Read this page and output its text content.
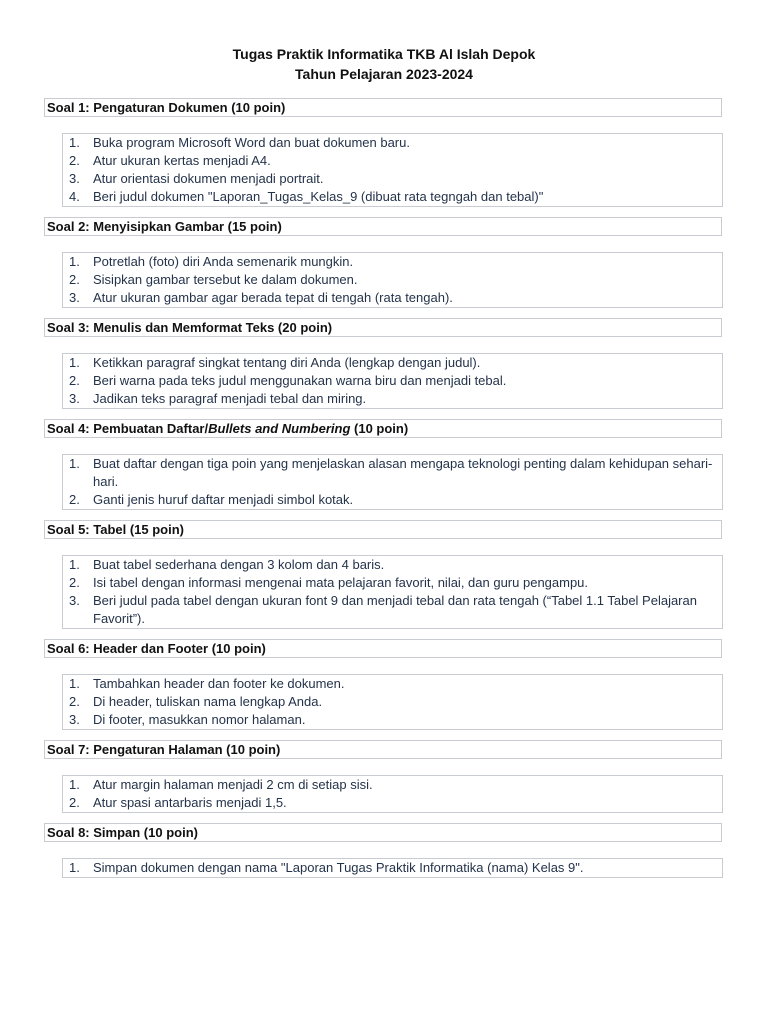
Tugas Praktik Informatika TKB Al Islah Depok
Tahun Pelajaran 2023-2024
Soal 1: Pengaturan Dokumen (10 poin)
1.	Buka program Microsoft Word dan buat dokumen baru.
2.	Atur ukuran kertas menjadi A4.
3.	Atur orientasi dokumen menjadi portrait.
4.	Beri judul dokumen "Laporan_Tugas_Kelas_9 (dibuat rata tegngah dan tebal)"
Soal 2: Menyisipkan Gambar (15 poin)
1.	Potretlah (foto) diri Anda semenarik mungkin.
2.	Sisipkan gambar tersebut ke dalam dokumen.
3.	Atur ukuran gambar agar berada tepat di tengah (rata tengah).
Soal 3: Menulis dan Memformat Teks (20 poin)
1.	Ketikkan paragraf singkat tentang diri Anda (lengkap dengan judul).
2.	Beri warna pada teks judul menggunakan warna biru dan menjadi tebal.
3.	Jadikan teks paragraf menjadi tebal dan miring.
Soal 4: Pembuatan Daftar/Bullets and Numbering (10 poin)
1.	Buat daftar dengan tiga poin yang menjelaskan alasan mengapa teknologi penting dalam kehidupan sehari-hari.
2.	Ganti jenis huruf daftar menjadi simbol kotak.
Soal 5: Tabel (15 poin)
1.	Buat tabel sederhana dengan 3 kolom dan 4 baris.
2.	Isi tabel dengan informasi mengenai mata pelajaran favorit, nilai, dan guru pengampu.
3.	Beri judul pada tabel dengan ukuran font 9 dan menjadi tebal dan rata tengah (“Tabel 1.1 Tabel Pelajaran Favorit”).
Soal 6: Header dan Footer (10 poin)
1.	Tambahkan header dan footer ke dokumen.
2.	Di header, tuliskan nama lengkap Anda.
3.	Di footer, masukkan nomor halaman.
Soal 7: Pengaturan Halaman (10 poin)
1.	Atur margin halaman menjadi 2 cm di setiap sisi.
2.	Atur spasi antarbaris menjadi 1,5.
Soal 8: Simpan (10 poin)
1.	Simpan dokumen dengan nama "Laporan Tugas Praktik Informatika (nama) Kelas 9".
